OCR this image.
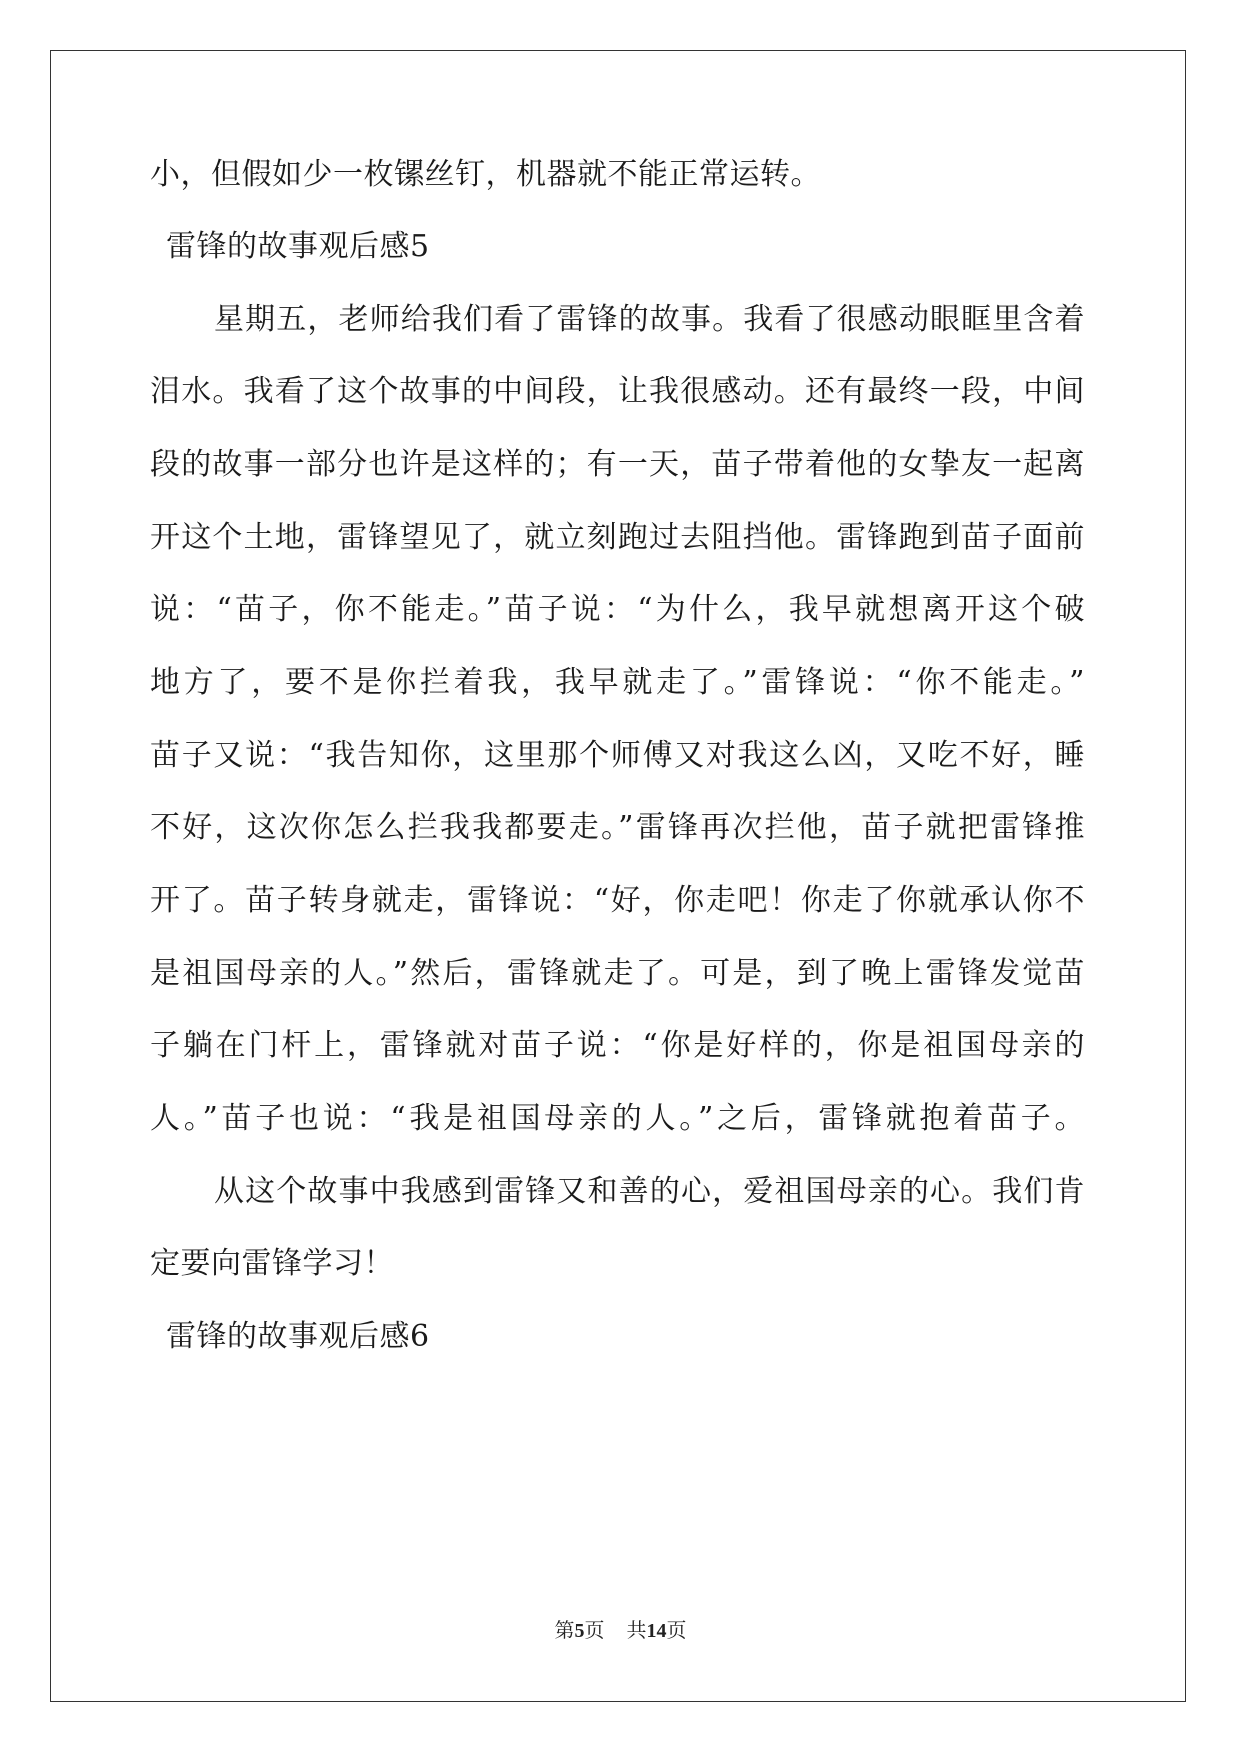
小，但假如少一枚镙丝钉，机器就不能正常运转。
雷锋的故事观后感5
星期五，老师给我们看了雷锋的故事。我看了很感动眼眶里含着
泪水。我看了这个故事的中间段，让我很感动。还有最终一段，中间
段的故事一部分也许是这样的；有一天，苗子带着他的女挚友一起离
开这个土地，雷锋望见了，就立刻跑过去阻挡他。雷锋跑到苗子面前
说：“苗子，你不能走。”苗子说：“为什么，我早就想离开这个破
地方了，要不是你拦着我，我早就走了。”雷锋说：“你不能走。”
苗子又说：“我告知你，这里那个师傅又对我这么凶，又吃不好，睡
不好，这次你怎么拦我我都要走。”雷锋再次拦他，苗子就把雷锋推
开了。苗子转身就走，雷锋说：“好，你走吧！你走了你就承认你不
是祖国母亲的人。”然后，雷锋就走了。可是，到了晚上雷锋发觉苗
子躺在门杆上，雷锋就对苗子说：“你是好样的，你是祖国母亲的
人。”苗子也说：“我是祖国母亲的人。”之后，雷锋就抱着苗子。
从这个故事中我感到雷锋又和善的心，爱祖国母亲的心。我们肯
定要向雷锋学习！
雷锋的故事观后感6
第5页 共14页
